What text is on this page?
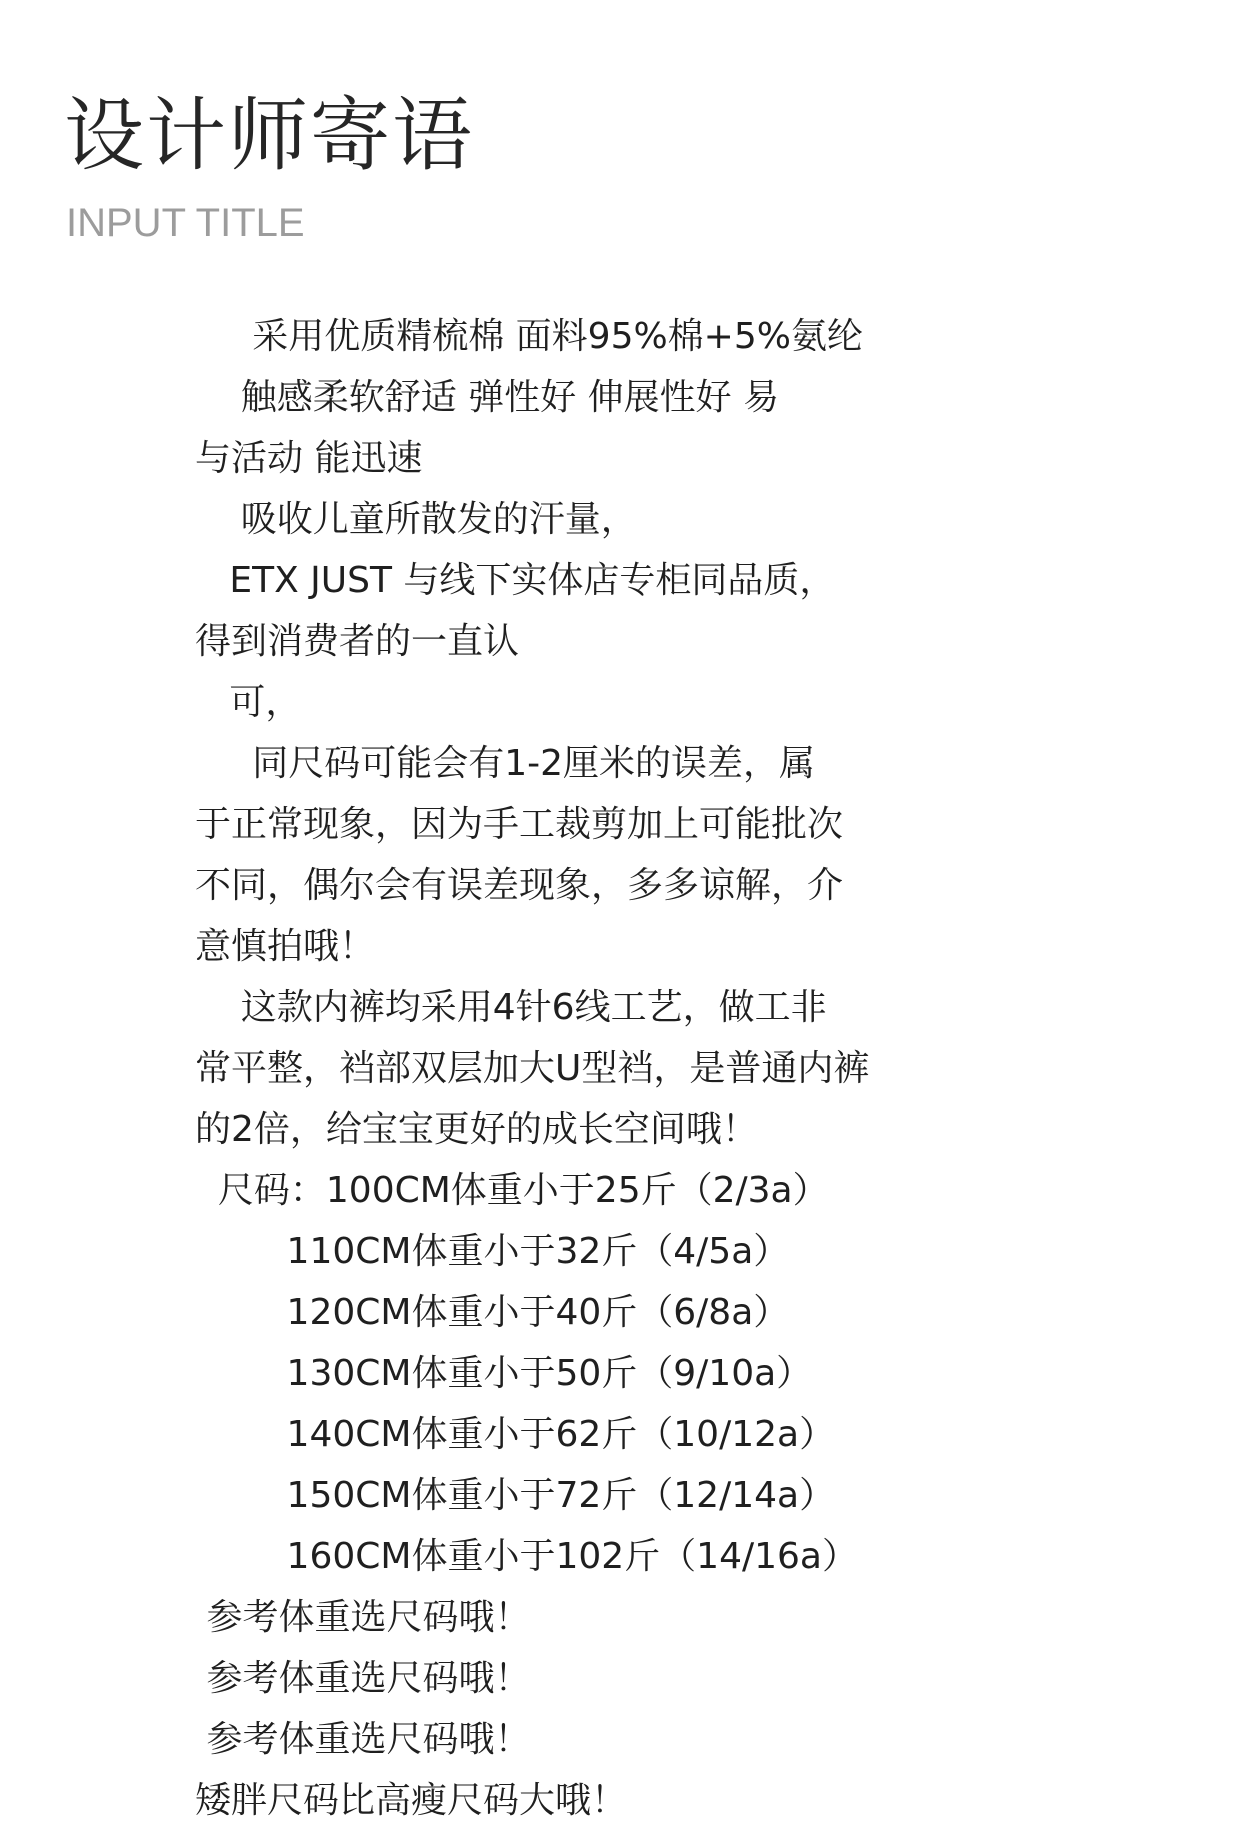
设计师寄语
INPUT TITLE
采用优质精梳棉 面料95%棉+5%氨纶
触感柔软舒适 弹性好 伸展性好 易
与活动 能迅速
吸收儿童所散发的汗量，
ETX JUST 与线下实体店专柜同品质，
得到消费者的一直认
可，
同尺码可能会有1-2厘米的误差，属
于正常现象，因为手工裁剪加上可能批次
不同，偶尔会有误差现象，多多谅解，介
意慎拍哦！
这款内裤均采用4针6线工艺，做工非
常平整，裆部双层加大U型裆，是普通内裤
的2倍，给宝宝更好的成长空间哦！
尺码：100CM体重小于25斤（2/3a）
110CM体重小于32斤（4/5a）
120CM体重小于40斤（6/8a）
130CM体重小于50斤（9/10a）
140CM体重小于62斤（10/12a）
150CM体重小于72斤（12/14a）
160CM体重小于102斤（14/16a）
参考体重选尺码哦！
参考体重选尺码哦！
参考体重选尺码哦！
矮胖尺码比高瘦尺码大哦！
